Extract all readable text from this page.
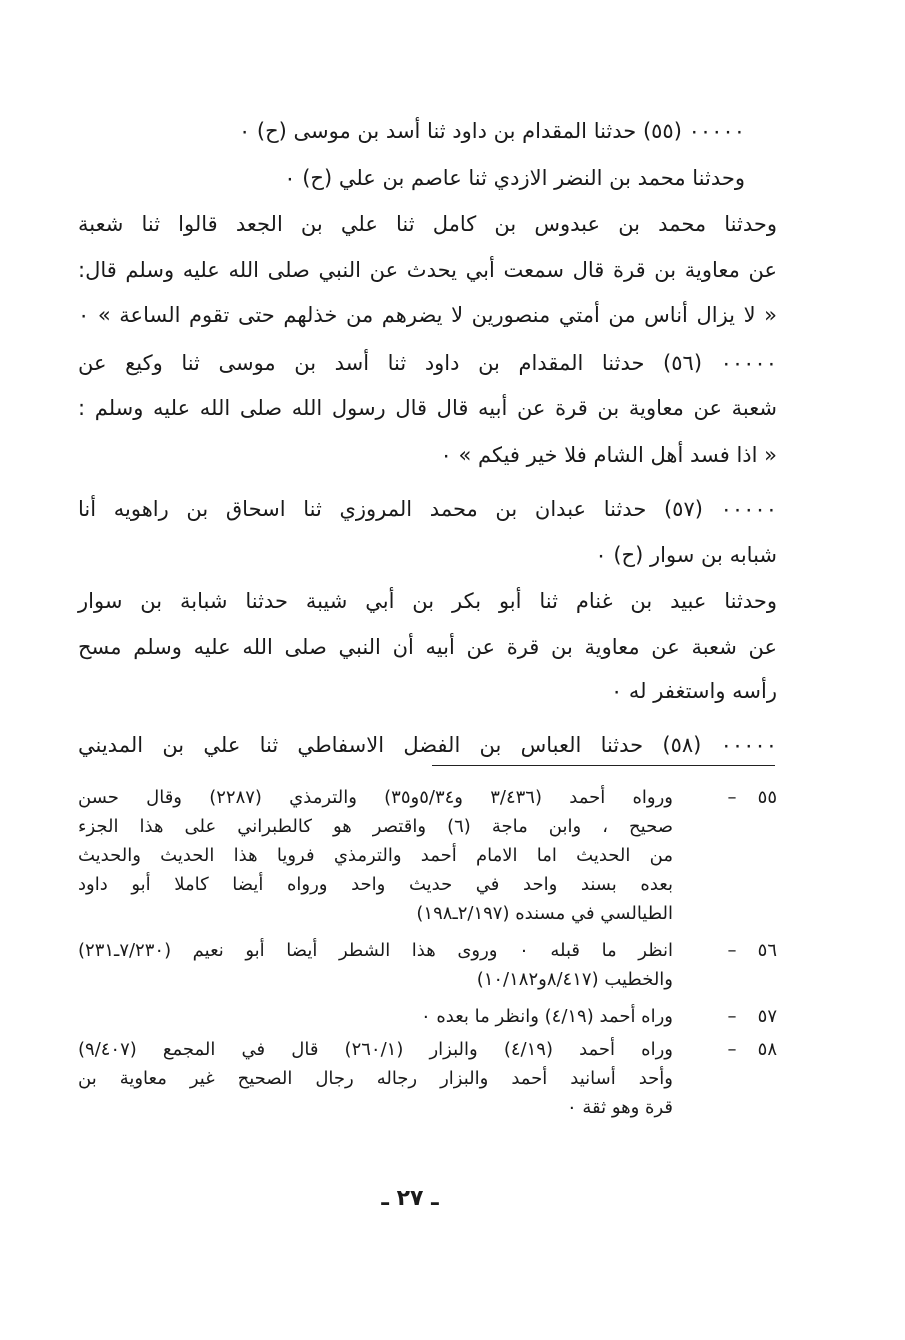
٠٠٠٠٠ (٥٥) حدثنا المقدام بن داود ثنا أسد بن موسى (ح) ٠
وحدثنا محمد بن النضر الازدي ثنا عاصم بن علي (ح) ٠
وحدثنا محمد بن عبدوس بن كامل ثنا علي بن الجعد قالوا ثنا شعبة
عن معاوية بن قرة قال سمعت أبي يحدث عن النبي صلى الله عليه وسلم قال:
« لا يزال أناس من أمتي منصورين لا يضرهم من خذلهم حتى تقوم الساعة » ٠
٠٠٠٠٠ (٥٦) حدثنا المقدام بن داود ثنا أسد بن موسى ثنا وكيع عن
شعبة عن معاوية بن قرة عن أبيه قال قال رسول الله صلى الله عليه وسلم :
« اذا فسد أهل الشام فلا خير فيكم » ٠
٠٠٠٠٠ (٥٧) حدثنا عبدان بن محمد المروزي ثنا اسحاق بن راهويه أنا
شبابه بن سوار (ح) ٠
وحدثنا عبيد بن غنام ثنا أبو بكر بن أبي شيبة حدثنا شبابة بن سوار
عن شعبة عن معاوية بن قرة عن أبيه أن النبي صلى الله عليه وسلم مسح
رأسه واستغفر له ٠
٠٠٠٠٠ (٥٨) حدثنا العباس بن الفضل الاسفاطي ثنا علي بن المديني
٥٥
–
ورواه أحمد (٣/٤٣٦ و٥/٣٤و٣٥) والترمذي (٢٢٨٧) وقال حسن
صحيح ، وابن ماجة (٦) واقتصر هو كالطبراني على هذا الجزء
من الحديث اما الامام أحمد والترمذي فرويا هذا الحديث والحديث
بعده بسند واحد في حديث واحد ورواه أيضا كاملا أبو داود
الطيالسي في مسنده (٢/١٩٧ـ١٩٨)
٥٦
–
انظر ما قبله ٠ وروى هذا الشطر أيضا أبو نعيم (٧/٢٣٠ـ٢٣١)
والخطيب (٨/٤١٧و١٠/١٨٢)
٥٧
–
وراه أحمد (٤/١٩) وانظر ما بعده ٠
٥٨
–
وراه أحمد (٤/١٩) والبزار (٢٦٠/١) قال في المجمع (٩/٤٠٧)
وأحد أسانيد أحمد والبزار رجاله رجال الصحيح غير معاوية بن
قرة وهو ثقة ٠
ـ ٢٧ ـ
